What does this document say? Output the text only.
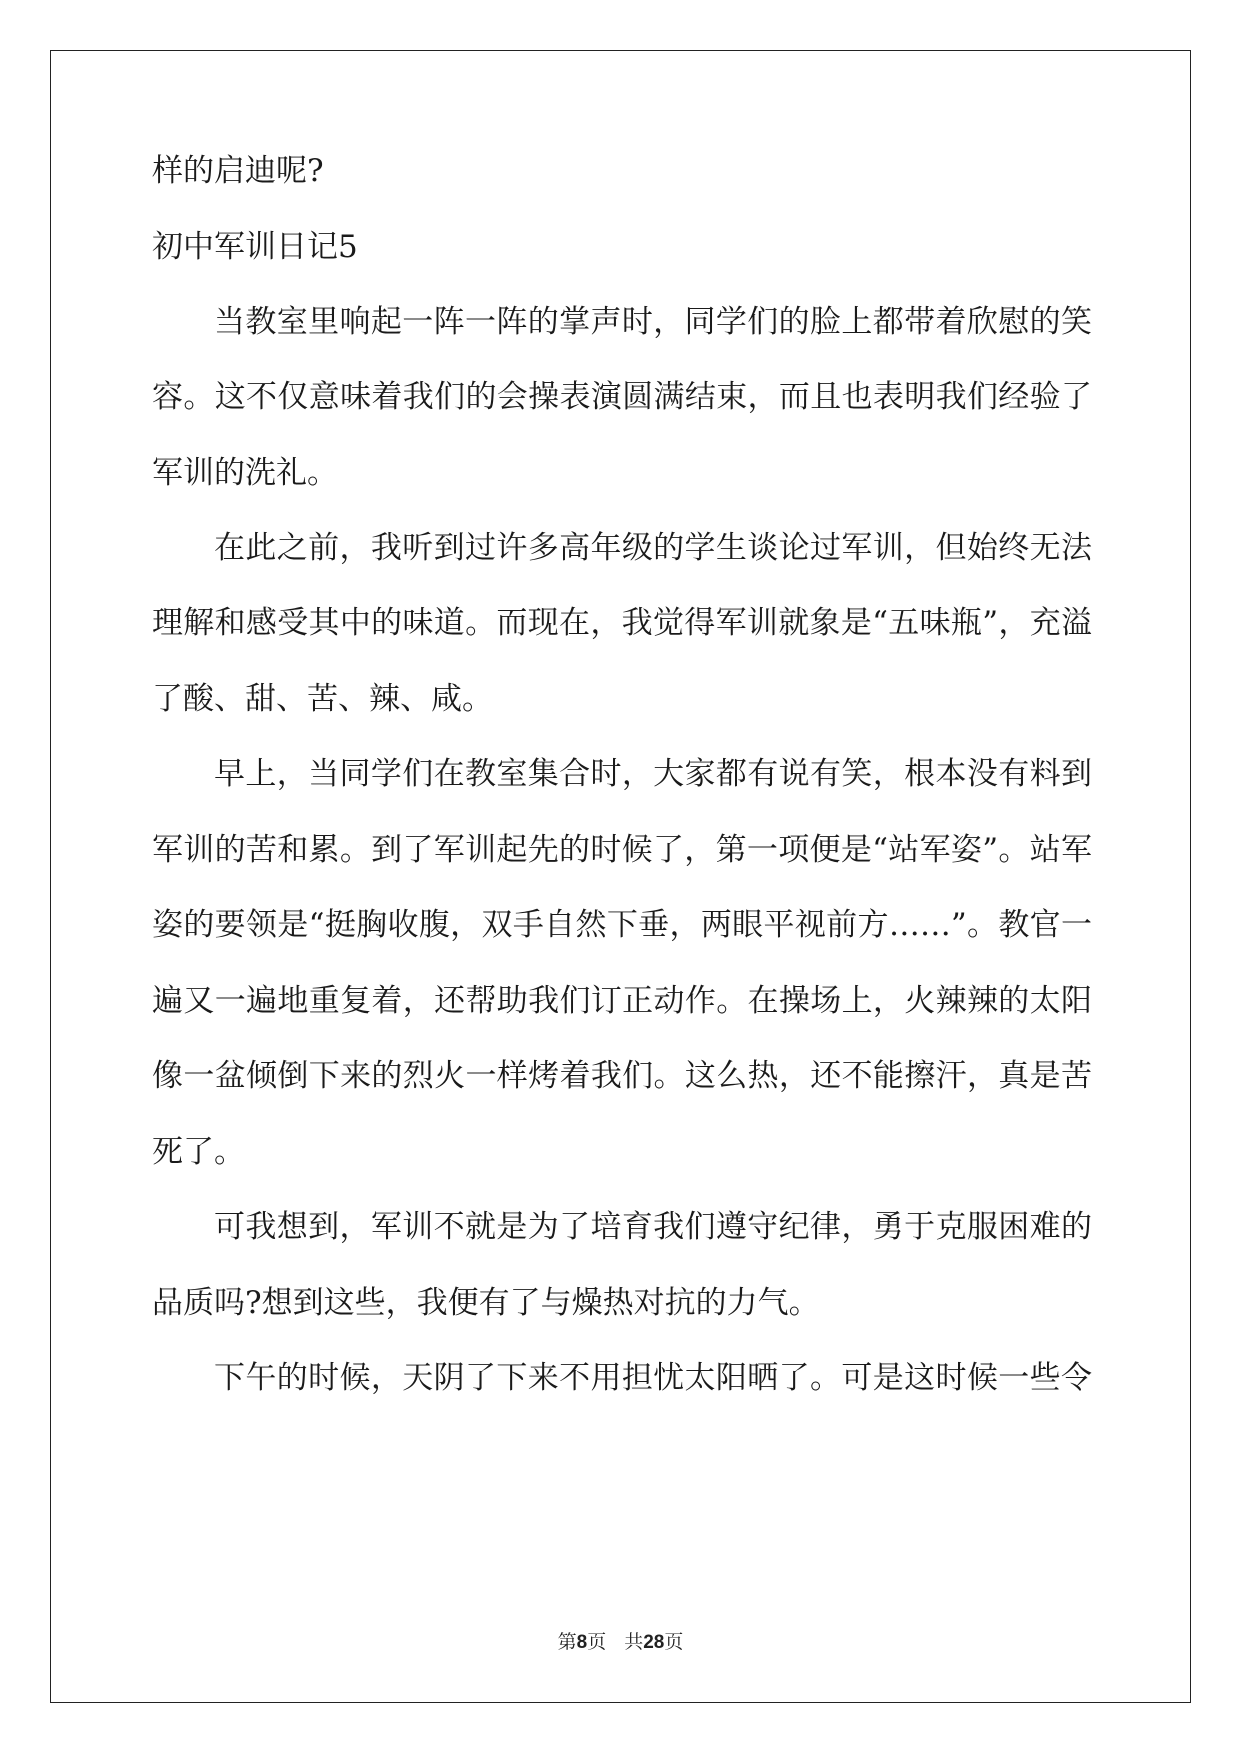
样的启迪呢?
初中军训日记5
当教室里响起一阵一阵的掌声时，同学们的脸上都带着欣慰的笑
容。这不仅意味着我们的会操表演圆满结束，而且也表明我们经验了
军训的洗礼。
在此之前，我听到过许多高年级的学生谈论过军训，但始终无法
理解和感受其中的味道。而现在，我觉得军训就象是“五味瓶”，充溢
了酸、甜、苦、辣、咸。
早上，当同学们在教室集合时，大家都有说有笑，根本没有料到
军训的苦和累。到了军训起先的时候了，第一项便是“站军姿”。站军
姿的要领是“挺胸收腹，双手自然下垂，两眼平视前方……”。教官一
遍又一遍地重复着，还帮助我们订正动作。在操场上，火辣辣的太阳
像一盆倾倒下来的烈火一样烤着我们。这么热，还不能擦汗，真是苦
死了。
可我想到，军训不就是为了培育我们遵守纪律，勇于克服困难的
品质吗?想到这些，我便有了与燥热对抗的力气。
下午的时候，天阴了下来不用担忧太阳晒了。可是这时候一些令
第8页 共28页
